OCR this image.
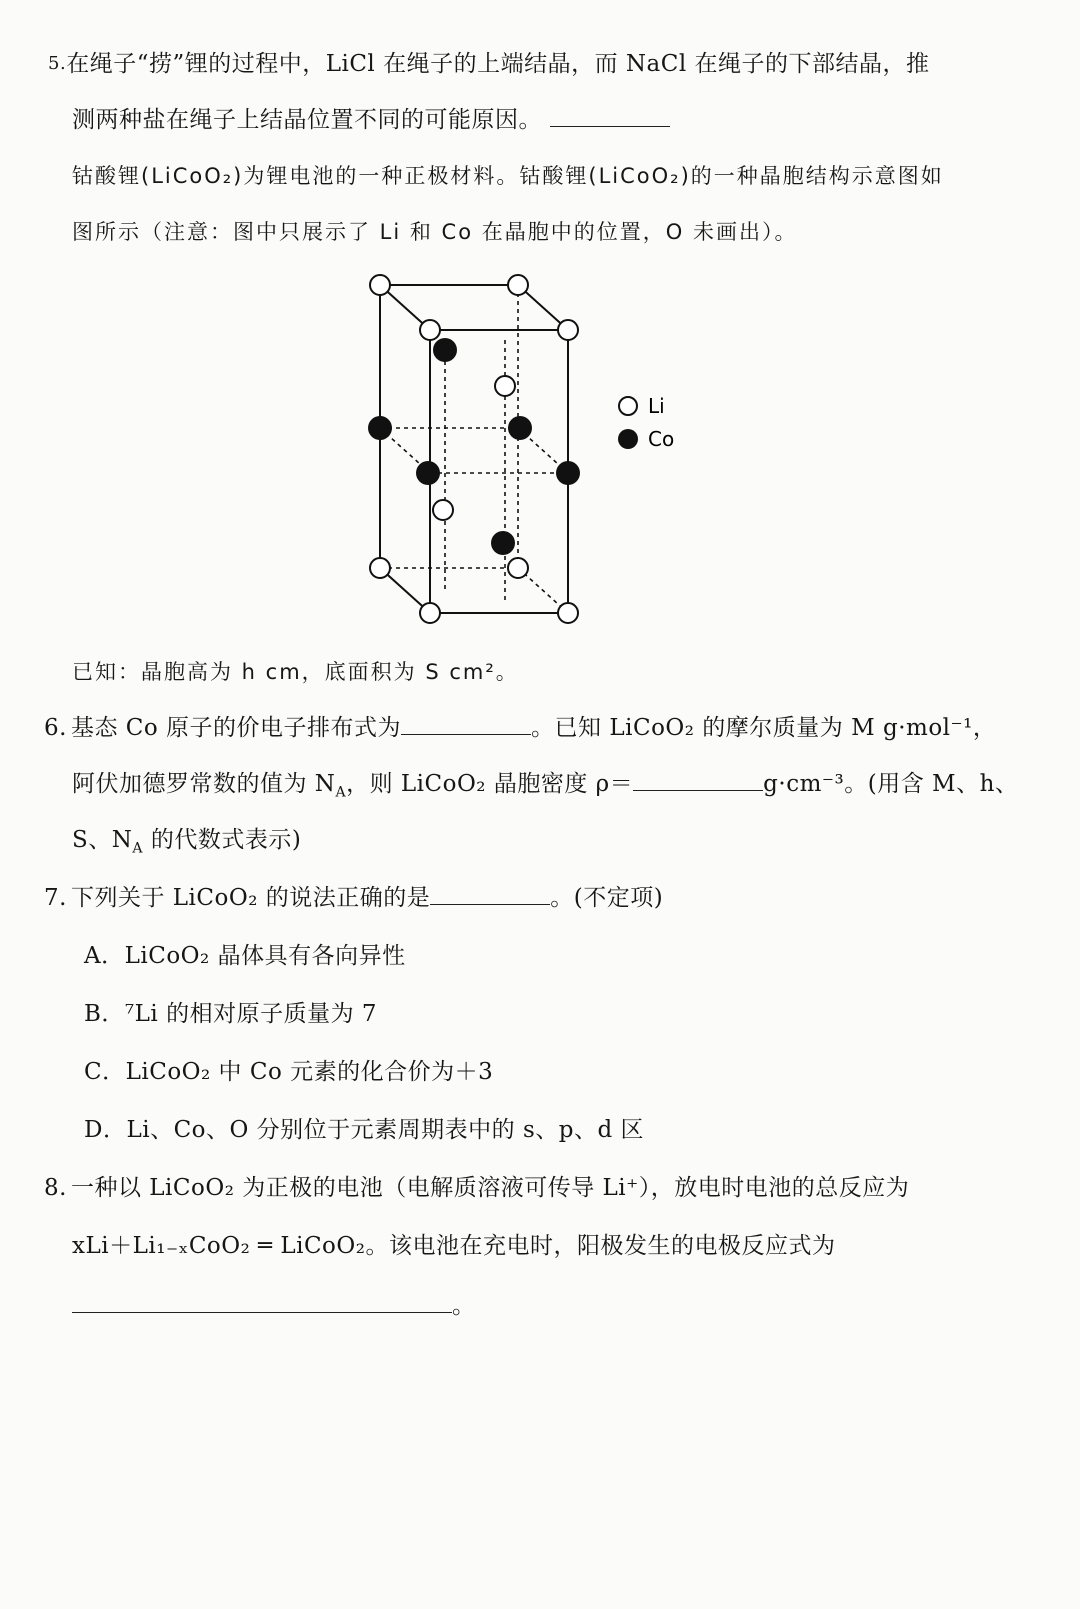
$^{5.}$在绳子“捞”锂的过程中，LiCl 在绳子的上端结晶，而 NaCl 在绳子的下部结晶，推
测两种盐在绳子上结晶位置不同的可能原因。
钴酸锂(LiCoO₂)为锂电池的一种正极材料。钴酸锂(LiCoO₂)的一种晶胞结构示意图如
图所示（注意：图中只展示了 Li 和 Co 在晶胞中的位置，O 未画出）。
Li
Co
已知：晶胞高为 h cm，底面积为 S cm²。
6. 基态 Co 原子的价电子排布式为	。已知 LiCoO₂ 的摩尔质量为 M g·mol⁻¹，
阿伏加德罗常数的值为 $N_A$，则 LiCoO₂ 晶胞密度 ρ＝	g·cm⁻³。(用含 M、h、
S、$N_A$ 的代数式表示)
7. 下列关于 LiCoO₂ 的说法正确的是	。(不定项)
A．LiCoO₂ 晶体具有各向异性
B．⁷Li 的相对原子质量为 7
C．LiCoO₂ 中 Co 元素的化合价为＋3
D．Li、Co、O 分别位于元素周期表中的 s、p、d 区
8. 一种以 LiCoO₂ 为正极的电池（电解质溶液可传导 Li⁺），放电时电池的总反应为
xLi＋Li₁₋ₓCoO₂ ═ LiCoO₂。该电池在充电时，阳极发生的电极反应式为
。
